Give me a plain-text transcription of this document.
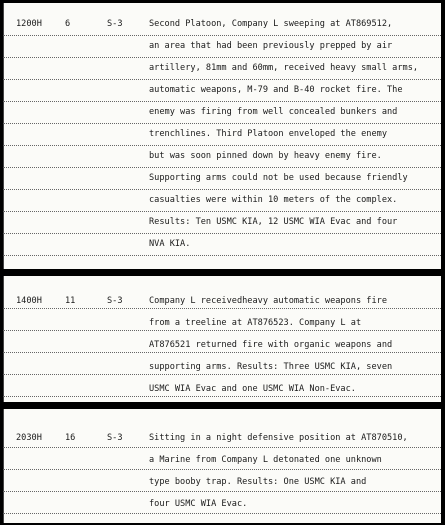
1200H	6	S-3	Second Platoon, Company L sweeping at AT869512,
an area that had been previously prepped by air
artillery, 81mm and 60mm, received heavy small arms,
automatic weapons, M-79 and B-40 rocket fire. The
enemy was firing from well concealed bunkers and
trenchlines. Third Platoon enveloped the enemy
but was soon pinned down by heavy enemy fire.
Supporting arms could not be used because friendly
casualties were within 10 meters of the complex.
Results: Ten USMC KIA, 12 USMC WIA Evac and four
NVA KIA.
1400H	11	S-3	Company L receivedheavy automatic weapons fire
from a treeline at AT876523. Company L at
AT876521 returned fire with organic weapons and
supporting arms. Results: Three USMC KIA, seven
USMC WIA Evac and one USMC WIA Non-Evac.
2030H	16	S-3	Sitting in a night defensive position at AT870510,
a Marine from Company L detonated one unknown
type booby trap. Results: One USMC KIA and
four USMC WIA Evac.
